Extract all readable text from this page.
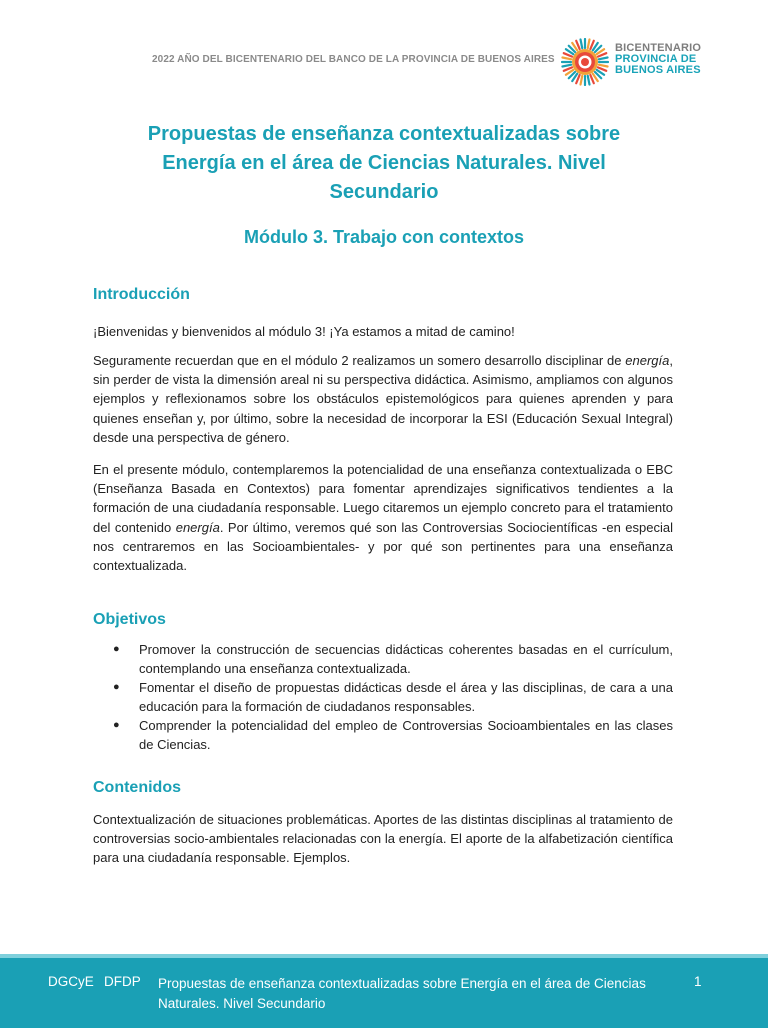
2022 AÑO DEL BICENTENARIO DEL BANCO DE LA PROVINCIA DE BUENOS AIRES
BICENTENARIO
PROVINCIA DE
BUENOS AIRES
Propuestas de enseñanza contextualizadas sobre
Energía en el área de Ciencias Naturales. Nivel
Secundario
Módulo 3. Trabajo con contextos
Introducción
¡Bienvenidas y bienvenidos al módulo 3! ¡Ya estamos a mitad de camino!
Seguramente recuerdan que en el módulo 2 realizamos un somero desarrollo disciplinar de energía, sin perder de vista la dimensión areal ni su perspectiva didáctica. Asimismo, ampliamos con algunos ejemplos y reflexionamos sobre los obstáculos epistemológicos para quienes aprenden y para quienes enseñan y, por último, sobre la necesidad de incorporar la ESI (Educación Sexual Integral) desde una perspectiva de género.
En el presente módulo, contemplaremos la potencialidad de una enseñanza contextualizada o EBC (Enseñanza Basada en Contextos) para fomentar aprendizajes significativos tendientes a la formación de una ciudadanía responsable. Luego citaremos un ejemplo concreto para el tratamiento del contenido energía. Por último, veremos qué son las Controversias Sociocientíficas -en especial nos centraremos en las Socioambientales- y por qué son pertinentes para una enseñanza contextualizada.
Objetivos
● Promover la construcción de secuencias didácticas coherentes basadas en el currículum, contemplando una enseñanza contextualizada.
● Fomentar el diseño de propuestas didácticas desde el área y las disciplinas, de cara a una educación para la formación de ciudadanos responsables.
● Comprender la potencialidad del empleo de Controversias Socioambientales en las clases de Ciencias.
Contenidos
Contextualización de situaciones problemáticas. Aportes de las distintas disciplinas al tratamiento de controversias socio-ambientales relacionadas con la energía. El aporte de la alfabetización científica para una ciudadanía responsable. Ejemplos.
DGCyE DFDP Propuestas de enseñanza contextualizadas sobre Energía en el área de Ciencias Naturales. Nivel Secundario
1
